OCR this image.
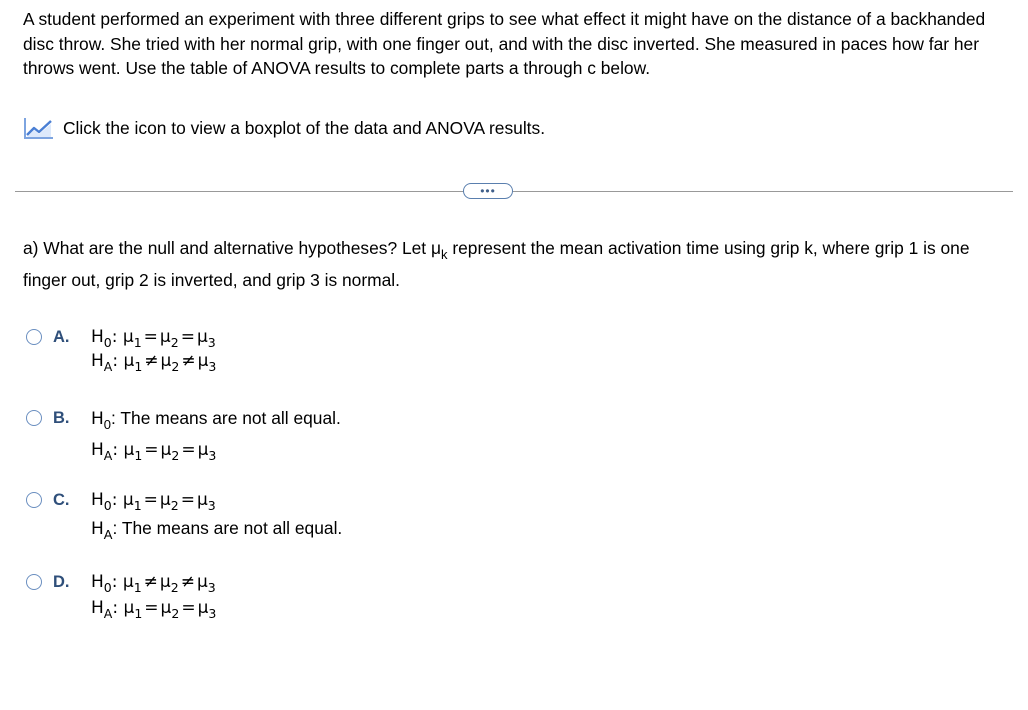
A student performed an experiment with three different grips to see what effect it might have on the distance of a backhanded disc throw. She tried with her normal grip, with one finger out, and with the disc inverted. She measured in paces how far her throws went. Use the table of ANOVA results to complete parts a through c below.

Click the icon to view a boxplot of the data and ANOVA results.
•••

a) What are the null and alternative hypotheses? Let $\mu_k$ represent the mean activation time using grip k, where grip 1 is one finger out, grip 2 is inverted, and grip 3 is normal.

A. $H_0$: $\mu_1 = \mu_2 = \mu_3$
$H_A$: $\mu_1 \ne \mu_2 \ne \mu_3$
B. $H_0$: The means are not all equal.
$H_A$: $\mu_1 = \mu_2 = \mu_3$
C. $H_0$: $\mu_1 = \mu_2 = \mu_3$
$H_A$: The means are not all equal.
D. $H_0$: $\mu_1 \ne \mu_2 \ne \mu_3$
$H_A$: $\mu_1 = \mu_2 = \mu_3$
